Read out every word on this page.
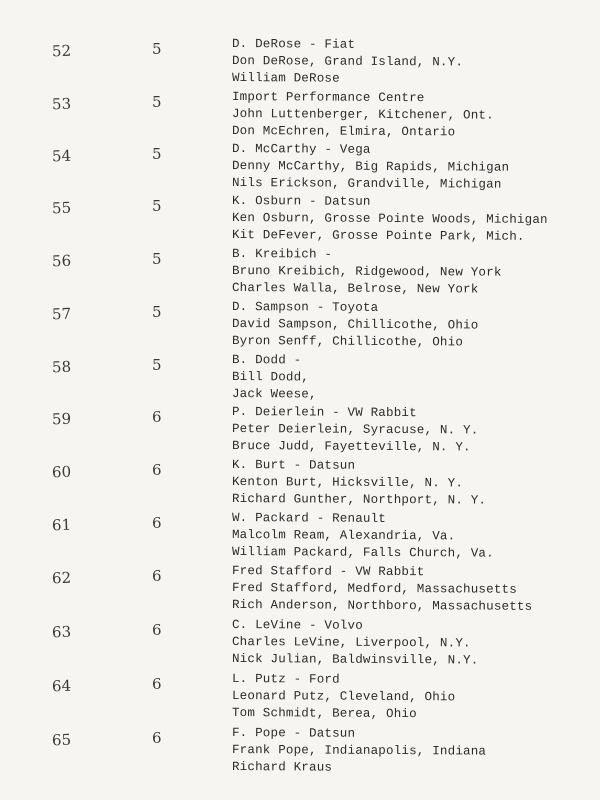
52	5	D. DeRose - Fiat
Don DeRose, Grand Island, N.Y.
William DeRose
53	5	Import Performance Centre
John Luttenberger, Kitchener, Ont.
Don McEchren, Elmira, Ontario
54	5	D. McCarthy - Vega
Denny McCarthy, Big Rapids, Michigan
Nils Erickson, Grandville, Michigan
55	5	K. Osburn - Datsun
Ken Osburn, Grosse Pointe Woods, Michigan
Kit DeFever, Grosse Pointe Park, Mich.
56	5	B. Kreibich -
Bruno Kreibich, Ridgewood, New York
Charles Walla, Belrose, New York
57	5	D. Sampson - Toyota
David Sampson, Chillicothe, Ohio
Byron Senff, Chillicothe, Ohio
58	5	B. Dodd -
Bill Dodd,
Jack Weese,
59	6	P. Deierlein - VW Rabbit
Peter Deierlein, Syracuse, N. Y.
Bruce Judd, Fayetteville, N. Y.
60	6	K. Burt - Datsun
Kenton Burt, Hicksville, N. Y.
Richard Gunther, Northport, N. Y.
61	6	W. Packard - Renault
Malcolm Ream, Alexandria, Va.
William Packard, Falls Church, Va.
62	6	Fred Stafford - VW Rabbit
Fred Stafford, Medford, Massachusetts
Rich Anderson, Northboro, Massachusetts
63	6	C. LeVine - Volvo
Charles LeVine, Liverpool, N.Y.
Nick Julian, Baldwinsville, N.Y.
64	6	L. Putz - Ford
Leonard Putz, Cleveland, Ohio
Tom Schmidt, Berea, Ohio
65	6	F. Pope - Datsun
Frank Pope, Indianapolis, Indiana
Richard Kraus
